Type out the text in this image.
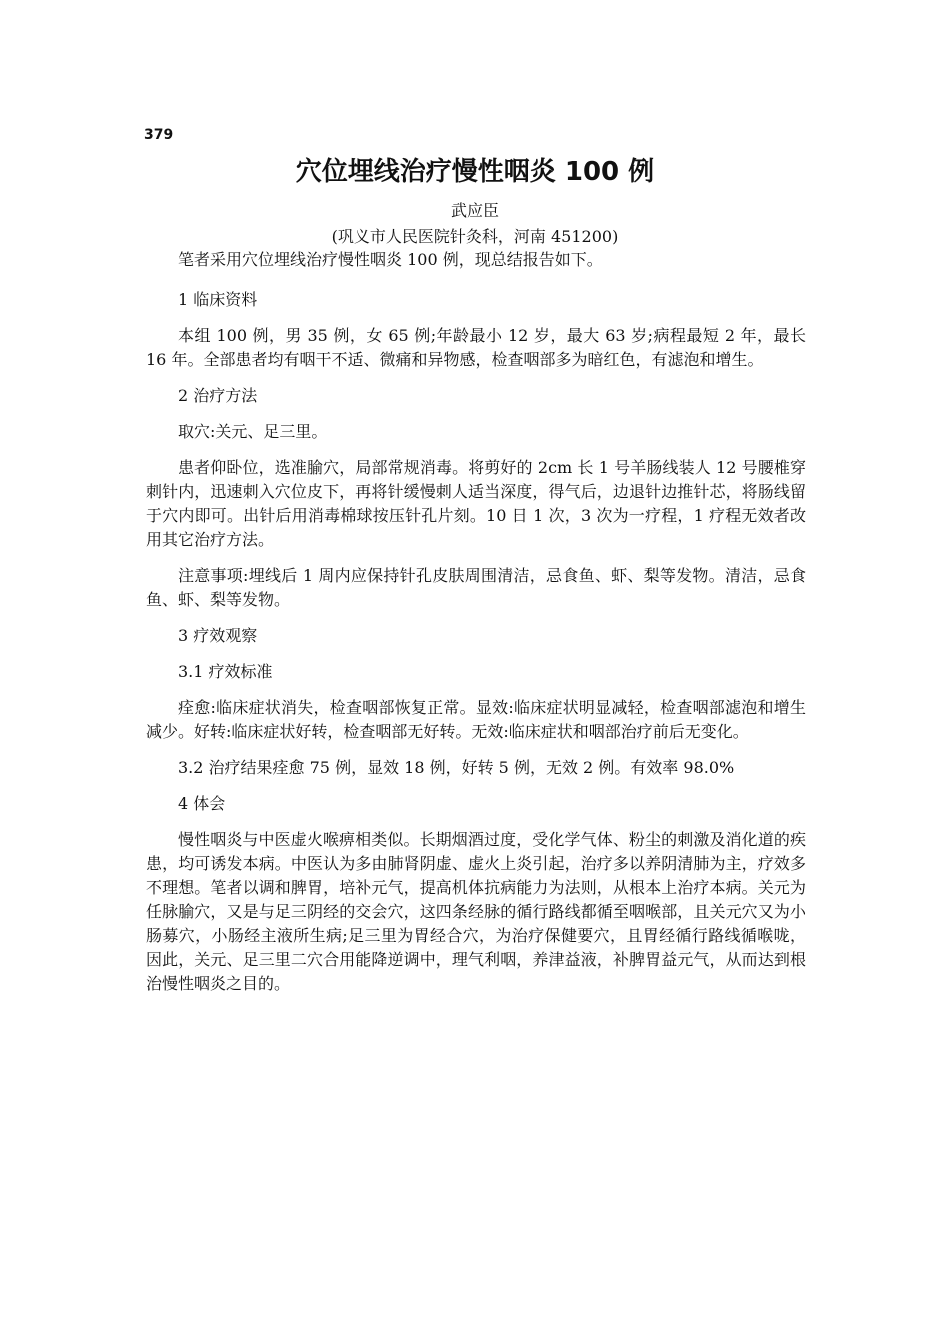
379
穴位埋线治疗慢性咽炎 100 例
武应臣
(巩义市人民医院针灸科，河南 451200)

笔者采用穴位埋线治疗慢性咽炎 100 例，现总结报告如下。

1 临床资料

本组 100 例，男 35 例，女 65 例;年龄最小 12 岁，最大 63 岁;病程最短 2 年，最长 16 年。全部患者均有咽干不适、微痛和异物感，检查咽部多为暗红色，有滤泡和增生。

2 治疗方法

取穴:关元、足三里。

患者仰卧位，选准腧穴，局部常规消毒。将剪好的 2cm 长 1 号羊肠线装人 12 号腰椎穿刺针内，迅速刺入穴位皮下，再将针缓慢刺人适当深度，得气后，边退针边推针芯，将肠线留于穴内即可。出针后用消毒棉球按压针孔片刻。10 日 1 次，3 次为一疗程，1 疗程无效者改用其它治疗方法。

注意事项:埋线后 1 周内应保持针孔皮肤周围清洁，忌食鱼、虾、梨等发物。清洁，忌食鱼、虾、梨等发物。

3 疗效观察

3.1 疗效标准

痊愈:临床症状消失，检查咽部恢复正常。显效:临床症状明显减轻，检查咽部滤泡和增生减少。好转:临床症状好转，检查咽部无好转。无效:临床症状和咽部治疗前后无变化。

3.2 治疗结果痊愈 75 例，显效 18 例，好转 5 例，无效 2 例。有效率 98.0%

4 体会

慢性咽炎与中医虚火喉痹相类似。长期烟酒过度，受化学气体、粉尘的刺激及消化道的疾患，均可诱发本病。中医认为多由肺肾阴虚、虚火上炎引起，治疗多以养阴清肺为主，疗效多不理想。笔者以调和脾胃，培补元气，提高机体抗病能力为法则，从根本上治疗本病。关元为任脉腧穴，又是与足三阴经的交会穴，这四条经脉的循行路线都循至咽喉部，且关元穴又为小肠募穴，小肠经主液所生病;足三里为胃经合穴，为治疗保健要穴，且胃经循行路线循喉咙，因此，关元、足三里二穴合用能降逆调中，理气利咽，养津益液，补脾胃益元气，从而达到根治慢性咽炎之目的。
